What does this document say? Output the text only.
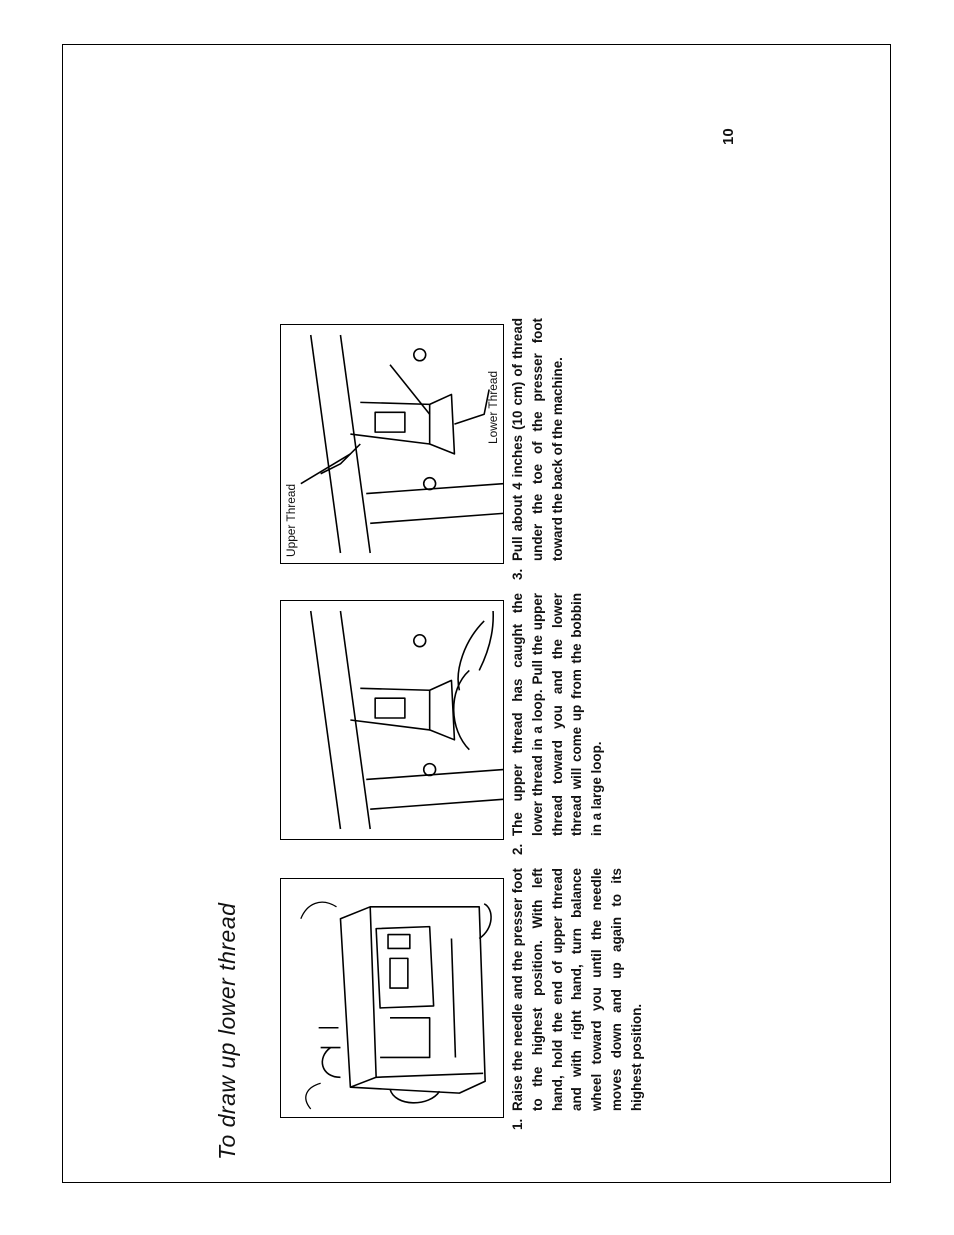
To draw up lower thread
10
Upper Thread
Lower Thread
1.
Raise the needle and the presser foot to the highest position. With left hand, hold the end of upper thread and with right hand, turn balance wheel toward you until the needle moves down and up again to its highest position.
2.
The upper thread has caught the lower thread in a loop. Pull the upper thread toward you and the lower thread will come up from the bobbin in a large loop.
3.
Pull about 4 inches (10 cm) of thread under the toe of the presser foot toward the back of the machine.
